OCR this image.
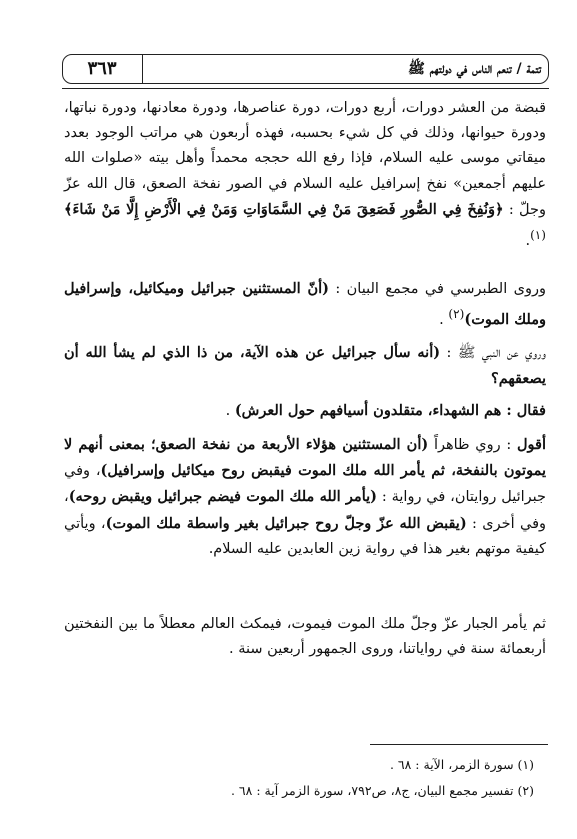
٣٦٣	تتمة / تنعم الناس في دولتهم ﷺ

قبضة من العشر دورات، أربع دورات، دورة عناصرها، ودورة معادنها، ودورة نباتها، ودورة حيوانها، وذلك في كل شيء بحسبه، فهذه أربعون هي مراتب الوجود بعدد ميقاتي موسى عليه السلام، فإذا رفع الله حججه محمداً وأهل بيته «صلوات الله عليهم أجمعين» نفخ إسرافيل عليه السلام في الصور نفخة الصعق، قال الله عزّ وجلّ : ﴿وَنُفِخَ فِي الصُّورِ فَصَعِقَ مَنْ فِي السَّمَاوَاتِ وَمَنْ فِي الْأَرْضِ إِلَّا مَنْ شَاءَ﴾$^{(١)}$.

وروى الطبرسي في مجمع البيان : (أنّ المستثنين جبرائيل وميكائيل، وإسرافيل وملك الموت)$^{(٢)}$ .

وروي عن النبي ﷺ : (أنه سأل جبرائيل عن هذه الآية، من ذا الذي لم يشأ الله أن يصعقهم؟

فقال : هم الشهداء، متقلدون أسيافهم حول العرش) .

أقول : روي ظاهراً (أن المستثنين هؤلاء الأربعة من نفخة الصعق؛ بمعنى أنهم لا يموتون بالنفخة، ثم يأمر الله ملك الموت فيقبض روح ميكائيل وإسرافيل)، وفي جبرائيل روايتان، في رواية : (يأمر الله ملك الموت فيضم جبرائيل ويقبض روحه)، وفي أخرى : (يقبض الله عزّ وجلّ روح جبرائيل بغير واسطة ملك الموت)، ويأتي كيفية موتهم بغير هذا في رواية زين العابدين عليه السلام.

ثم يأمر الجبار عزّ وجلّ ملك الموت فيموت، فيمكث العالم معطلاً ما بين النفختين أربعمائة سنة في رواياتنا، وروى الجمهور أربعين سنة .

(١) سورة الزمر، الآية : ٦٨ .

(٢) تفسير مجمع البيان، ج٨، ص٧٩٢، سورة الزمر آية : ٦٨ .
